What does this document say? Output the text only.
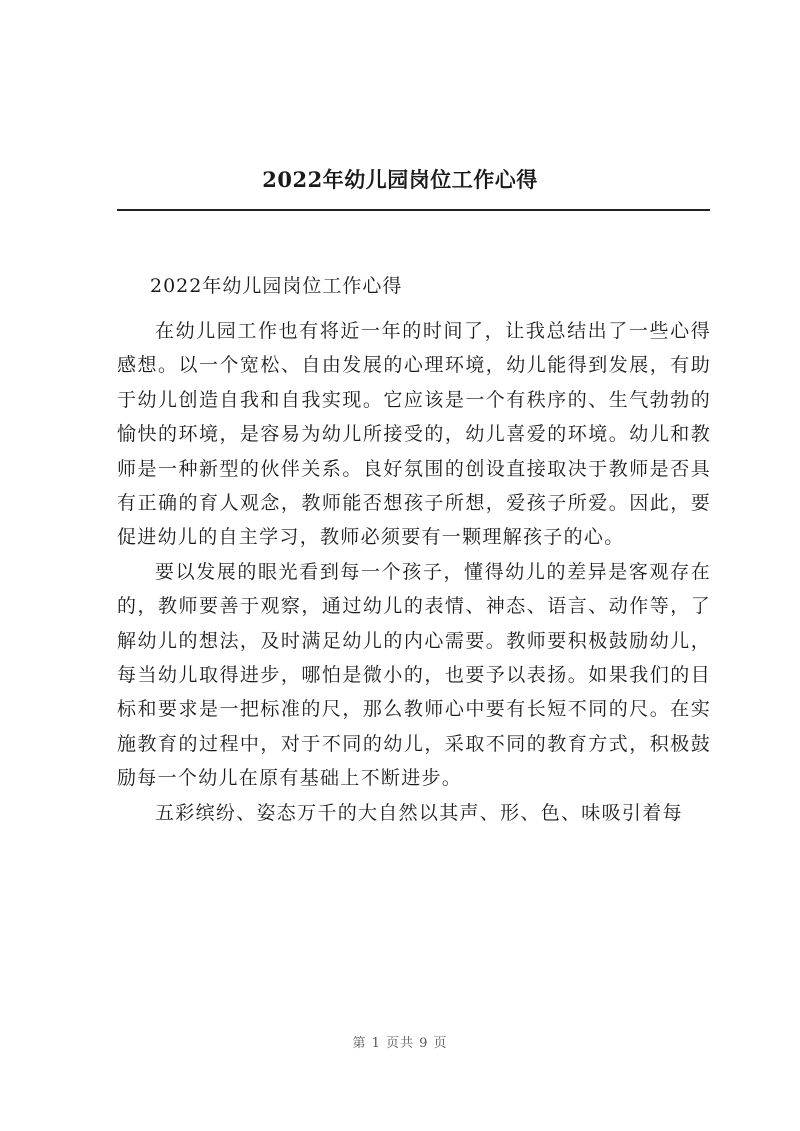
2022年幼儿园岗位工作心得
2022年幼儿园岗位工作心得

在幼儿园工作也有将近一年的时间了，让我总结出了一些心得感想。以一个宽松、自由发展的心理环境，幼儿能得到发展，有助于幼儿创造自我和自我实现。它应该是一个有秩序的、生气勃勃的愉快的环境，是容易为幼儿所接受的，幼儿喜爱的环境。幼儿和教师是一种新型的伙伴关系。良好氛围的创设直接取决于教师是否具有正确的育人观念，教师能否想孩子所想，爱孩子所爱。因此，要促进幼儿的自主学习，教师必须要有一颗理解孩子的心。

要以发展的眼光看到每一个孩子，懂得幼儿的差异是客观存在的，教师要善于观察，通过幼儿的表情、神态、语言、动作等，了解幼儿的想法，及时满足幼儿的内心需要。教师要积极鼓励幼儿，每当幼儿取得进步，哪怕是微小的，也要予以表扬。如果我们的目标和要求是一把标准的尺，那么教师心中要有长短不同的尺。在实施教育的过程中，对于不同的幼儿，采取不同的教育方式，积极鼓励每一个幼儿在原有基础上不断进步。

五彩缤纷、姿态万千的大自然以其声、形、色、味吸引着每

第 1 页共 9 页
